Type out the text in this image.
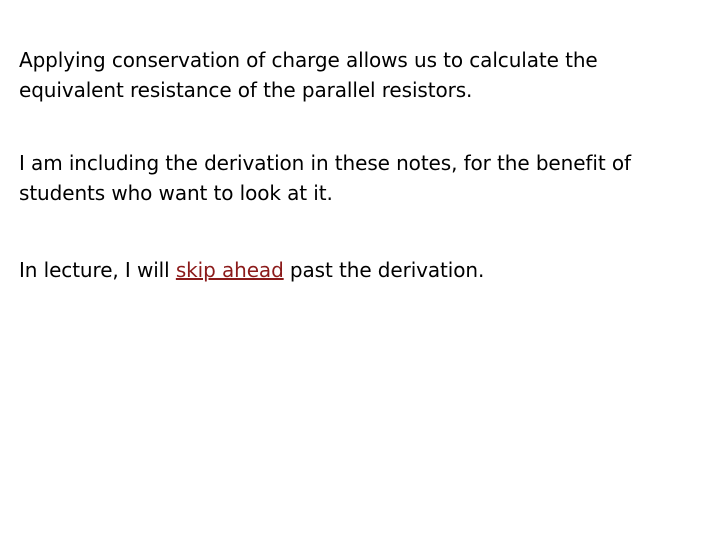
Applying conservation of charge allows us to calculate the equivalent resistance of the parallel resistors.

I am including the derivation in these notes, for the benefit of students who want to look at it.

In lecture, I will skip ahead past the derivation.
